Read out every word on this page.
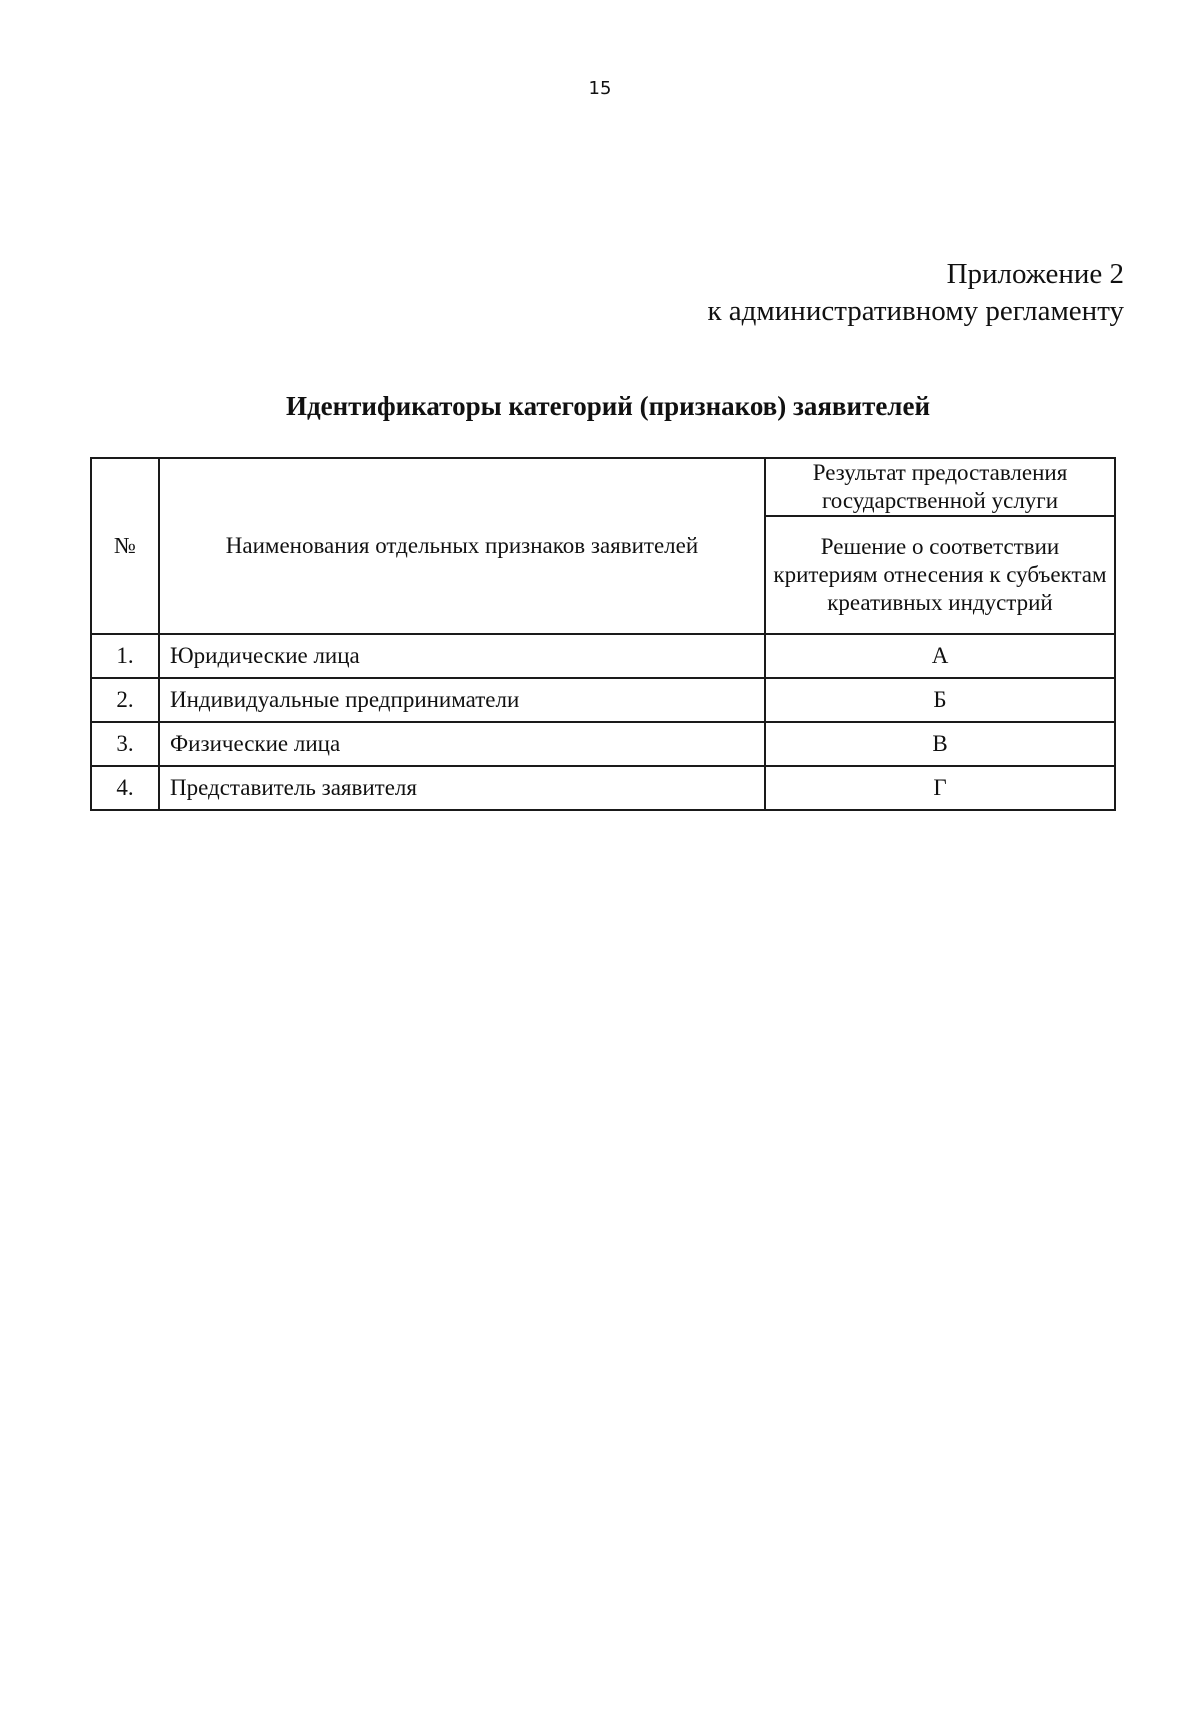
15
Приложение 2
к административному регламенту
Идентификаторы категорий (признаков) заявителей
№	Наименования отдельных признаков заявителей	Результат предоставления государственной услуги
		Решение о соответствии критериям отнесения к субъектам креативных индустрий
1.	Юридические лица	А
2.	Индивидуальные предприниматели	Б
3.	Физические лица	В
4.	Представитель заявителя	Г
